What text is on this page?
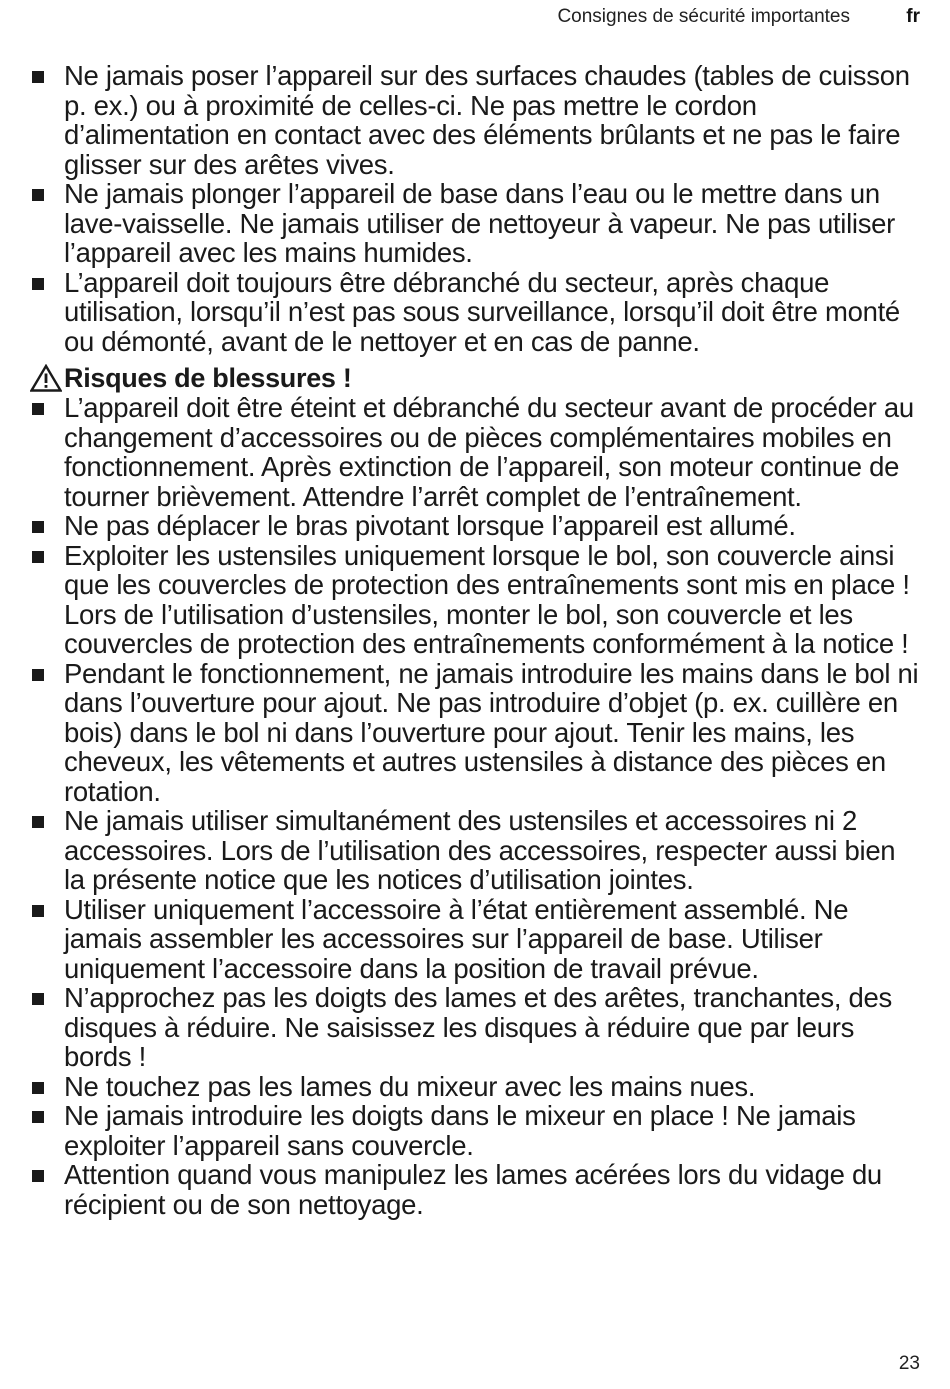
Consignes de sécurité importantes	fr
Ne jamais poser l’appareil sur des surfaces chaudes (tables de cuisson p. ex.) ou à proximité de celles-ci. Ne pas mettre le cordon d’alimentation en contact avec des éléments brûlants et ne pas le faire glisser sur des arêtes vives.
Ne jamais plonger l’appareil de base dans l’eau ou le mettre dans un lave-vaisselle. Ne jamais utiliser de nettoyeur à vapeur. Ne pas utiliser l’appareil avec les mains humides.
L’appareil doit toujours être débranché du secteur, après chaque utilisation, lorsqu’il n’est pas sous surveillance, lorsqu’il doit être monté ou démonté, avant de le nettoyer et en cas de panne.
Risques de blessures !
L’appareil doit être éteint et débranché du secteur avant de procéder au changement d’accessoires ou de pièces complémentaires mobiles en fonctionnement. Après extinction de l’appareil, son moteur continue de tourner brièvement. Attendre l’arrêt complet de l’entraînement.
Ne pas déplacer le bras pivotant lorsque l’appareil est allumé.
Exploiter les ustensiles uniquement lorsque le bol, son couvercle ainsi que les couvercles de protection des entraînements sont mis en place ! Lors de l’utilisation d’ustensiles, monter le bol, son couvercle et les couvercles de protection des entraînements conformément à la notice !
Pendant le fonctionnement, ne jamais introduire les mains dans le bol ni dans l’ouverture pour ajout. Ne pas introduire d’objet (p. ex. cuillère en bois) dans le bol ni dans l’ouverture pour ajout. Tenir les mains, les cheveux, les vêtements et autres ustensiles à distance des pièces en rotation.
Ne jamais utiliser simultanément des ustensiles et accessoires ni 2 accessoires. Lors de l’utilisation des accessoires, respecter aussi bien la présente notice que les notices d’utilisation jointes.
Utiliser uniquement l’accessoire à l’état entièrement assemblé. Ne jamais assembler les accessoires sur l’appareil de base. Utiliser uniquement l’accessoire dans la position de travail prévue.
N’approchez pas les doigts des lames et des arêtes, tranchantes, des disques à réduire. Ne saisissez les disques à réduire que par leurs bords !
Ne touchez pas les lames du mixeur avec les mains nues.
Ne jamais introduire les doigts dans le mixeur en place ! Ne jamais exploiter l’appareil sans couvercle.
Attention quand vous manipulez les lames acérées lors du vidage du récipient ou de son nettoyage.
23
